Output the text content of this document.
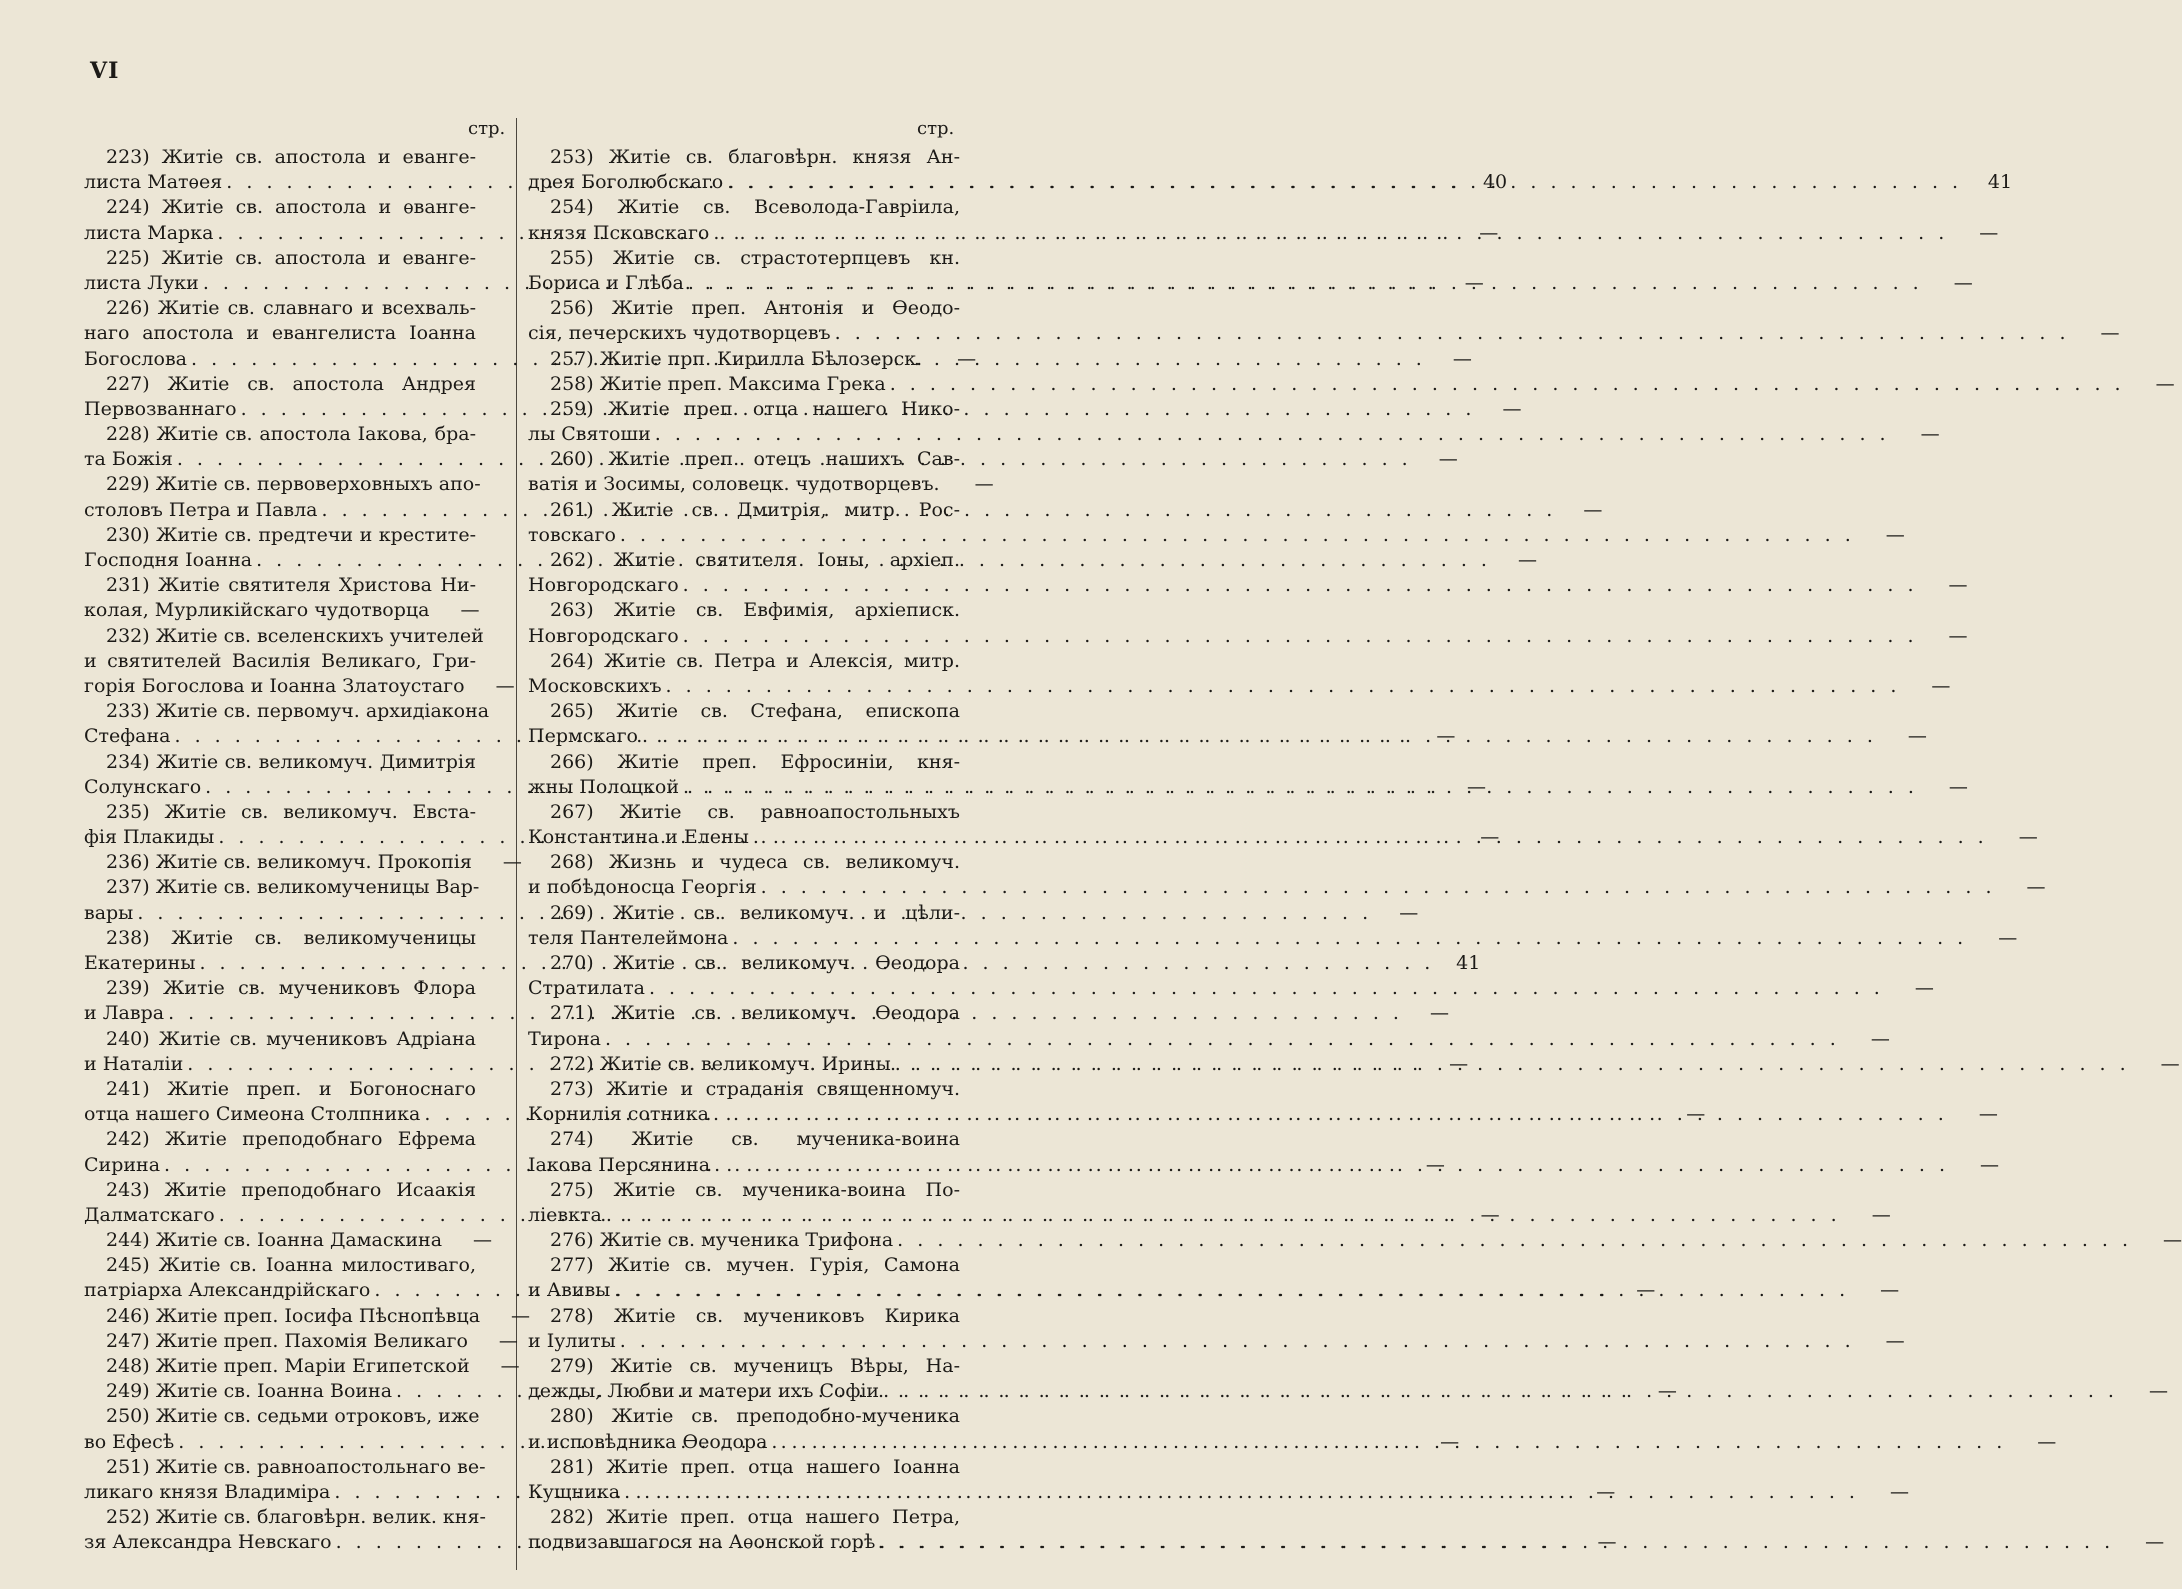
VI
стр.	стр.
223) Житіе св. апостола и еванге-
листа Матѳея . . .	40
224) Житіе св. апостола и ѳванге-
листа Марка . . .	—
225) Житіе св. апостола и еванге-
листа Луки . . .	—
226) Житіе св. славнаго и всехваль-
наго апостола и евангелиста Іоанна
Богослова . . .	—
227) Житіе св. апостола Андрея
Первозваннаго . . .	—
228) Житіе св. апостола Іакова, бра-
та Божія . . .	—
229) Житіе св. первоверховныхъ апо-
столовъ Петра и Павла . . .	—
230) Житіе св. предтечи и крестите-
Господня Іоанна . . .	—
231) Житіе святителя Христова Ни-
колая, Мурликійскаго чудотворца	—
232) Житіе св. вселенскихъ учителей
и святителей Василія Великаго, Гри-
горія Богослова и Іоанна Златоустаго	—
233) Житіе св. первомуч. архидіакона
Стефана . . .	—
234) Житіе св. великомуч. Димитрія
Солунскаго . . .	—
235) Житіе св. великомуч. Евста-
фія Плакиды . . .	—
236) Житіе св. великомуч. Прокопія	—
237) Житіе св. великомученицы Вар-
вары . . .	—
238) Житіе св. великомученицы
Екатерины . . .	41
239) Житіе св. мучениковъ Флора
и Лавра . . .	—
240) Житіе св. мучениковъ Адріана
и Наталіи . . .	—
241) Житіе преп. и Богоноснаго
отца нашего Симеона Столпника . . .	—
242) Житіе преподобнаго Ефрема
Сирина . . .	—
243) Житіе преподобнаго Исаакія
Далматскаго . . .	—
244) Житіе св. Іоанна Дамаскина	—
245) Житіе св. Іоанна милостиваго,
патріарха Александрійскаго . . .	—
246) Житіе преп. Іосифа Пѣснопѣвца	—
247) Житіе преп. Пахомія Великаго	—
248) Житіе преп. Маріи Египетской	—
249) Житіе св. Іоанна Воина . . .	—
250) Житіе св. седьми отроковъ, иже
во Ефесѣ . . .	—
251) Житіе св. равноапостольнаго ве-
ликаго князя Владиміра . . .	—
252) Житіе св. благовѣрн. велик. кня-
зя Александра Невскаго . . .	—
253) Житіе св. благовѣрн. князя Ан-
дрея Боголюбскаго . . .	41
254) Житіе св. Всеволода-Гавріила,
князя Псковскаго . . .	—
255) Житіе св. страстотерпцевъ кн.
Бориса и Глѣба . . .	—
256) Житіе преп. Антонія и Ѳеодо-
сія, печерскихъ чудотворцевъ . . .	—
257) Житіе прп. Кирилла Бѣлозерск.	—
258) Житіе преп. Максима Грека . . .	—
259) Житіе преп. отца нашего Нико-
лы Святоши . . .	—
260) Житіе преп. отецъ нашихъ Сав-
ватія и Зосимы, соловецк. чудотворцевъ.	—
261) Житіе св. Дмитрія, митр. Рос-
товскаго . . .	—
262) Житіе святителя Іоны, архіеп.
Новгородскаго . . .	—
263) Житіе св. Евфимія, архіеписк.
Новгородскаго . . .	—
264) Житіе св. Петра и Алексія, митр.
Московскихъ . . .	—
265) Житіе св. Стефана, епископа
Пермскаго . . .	—
266) Житіе преп. Ефросиніи, кня-
жны Полоцкой . . .	—
267) Житіе св. равноапостольныхъ
Константина и Елены . . .	—
268) Жизнь и чудеса св. великомуч.
и побѣдоносца Георгія . . .	—
269) Житіе св. великомуч. и цѣли-
теля Пантелеймона . . .	—
270) Житіе св. великомуч. Ѳеодора
Стратилата . . .	—
271) Житіе св. великомуч. Ѳеодора
Тирона . . .	—
272) Житіе св. великомуч. Ирины . . .	—
273) Житіе и страданія священномуч.
Корнилія сотника . . .	—
274) Житіе св. мученика-воина
Іакова Персянина . . .	—
275) Житіе св. мученика-воина По-
ліевкта . . .	—
276) Житіе св. мученика Трифона . . .	—
277) Житіе св. мучен. Гурія, Самона
и Авивы . . .	—
278) Житіе св. мучениковъ Кирика
и Іулиты . . .	—
279) Житіе св. мученицъ Вѣры, На-
дежды, Любви и матери ихъ Софіи . . .	—
280) Житіе св. преподобно-мученика
и исповѣдника Ѳеодора . . .	—
281) Житіе преп. отца нашего Іоанна
Кущника . . .	—
282) Житіе преп. отца нашего Петра,
подвизавшагося на Аѳонской горѣ . . .	—
